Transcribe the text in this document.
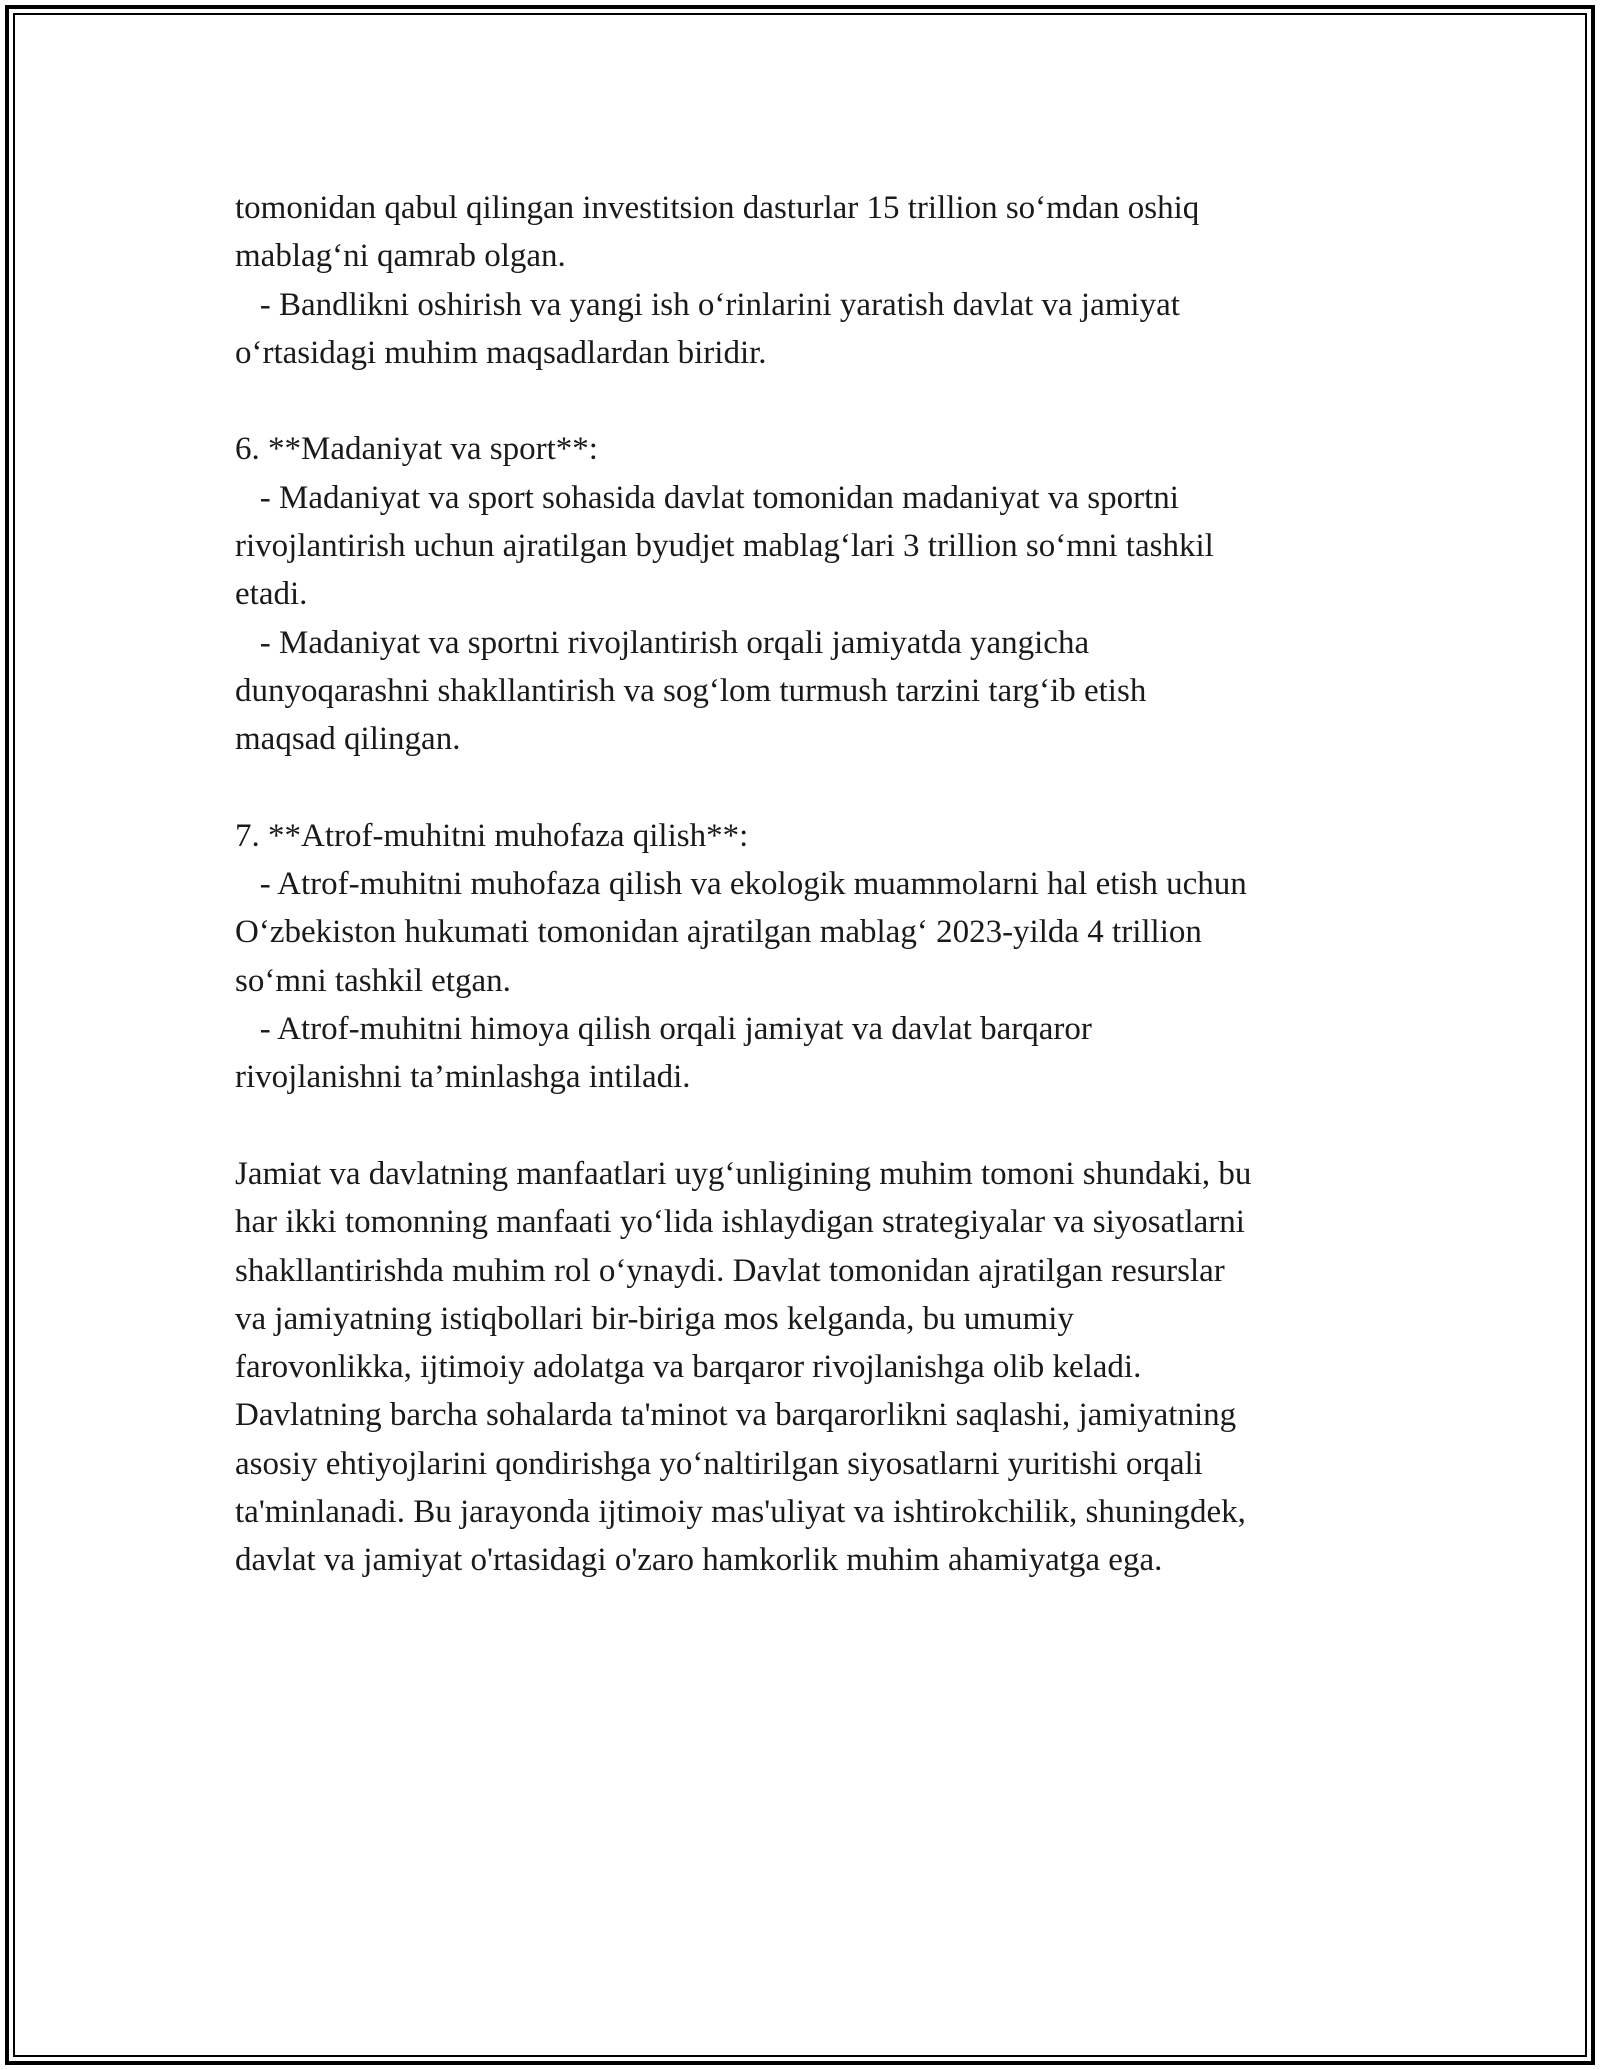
tomonidan qabul qilingan investitsion dasturlar 15 trillion so‘mdan oshiq
mablag‘ni qamrab olgan.
- Bandlikni oshirish va yangi ish o‘rinlarini yaratish davlat va jamiyat
o‘rtasidagi muhim maqsadlardan biridir.
6. **Madaniyat va sport**:
- Madaniyat va sport sohasida davlat tomonidan madaniyat va sportni
rivojlantirish uchun ajratilgan byudjet mablag‘lari 3 trillion so‘mni tashkil
etadi.
- Madaniyat va sportni rivojlantirish orqali jamiyatda yangicha
dunyoqarashni shakllantirish va sog‘lom turmush tarzini targ‘ib etish
maqsad qilingan.
7. **Atrof-muhitni muhofaza qilish**:
- Atrof-muhitni muhofaza qilish va ekologik muammolarni hal etish uchun
O‘zbekiston hukumati tomonidan ajratilgan mablag‘ 2023-yilda 4 trillion
so‘mni tashkil etgan.
- Atrof-muhitni himoya qilish orqali jamiyat va davlat barqaror
rivojlanishni ta’minlashga intiladi.
Jamiat va davlatning manfaatlari uyg‘unligining muhim tomoni shundaki, bu
har ikki tomonning manfaati yo‘lida ishlaydigan strategiyalar va siyosatlarni
shakllantirishda muhim rol o‘ynaydi. Davlat tomonidan ajratilgan resurslar
va jamiyatning istiqbollari bir-biriga mos kelganda, bu umumiy
farovonlikka, ijtimoiy adolatga va barqaror rivojlanishga olib keladi.
Davlatning barcha sohalarda ta'minot va barqarorlikni saqlashi, jamiyatning
asosiy ehtiyojlarini qondirishga yo‘naltirilgan siyosatlarni yuritishi orqali
ta'minlanadi. Bu jarayonda ijtimoiy mas'uliyat va ishtirokchilik, shuningdek,
davlat va jamiyat o'rtasidagi o'zaro hamkorlik muhim ahamiyatga ega.
